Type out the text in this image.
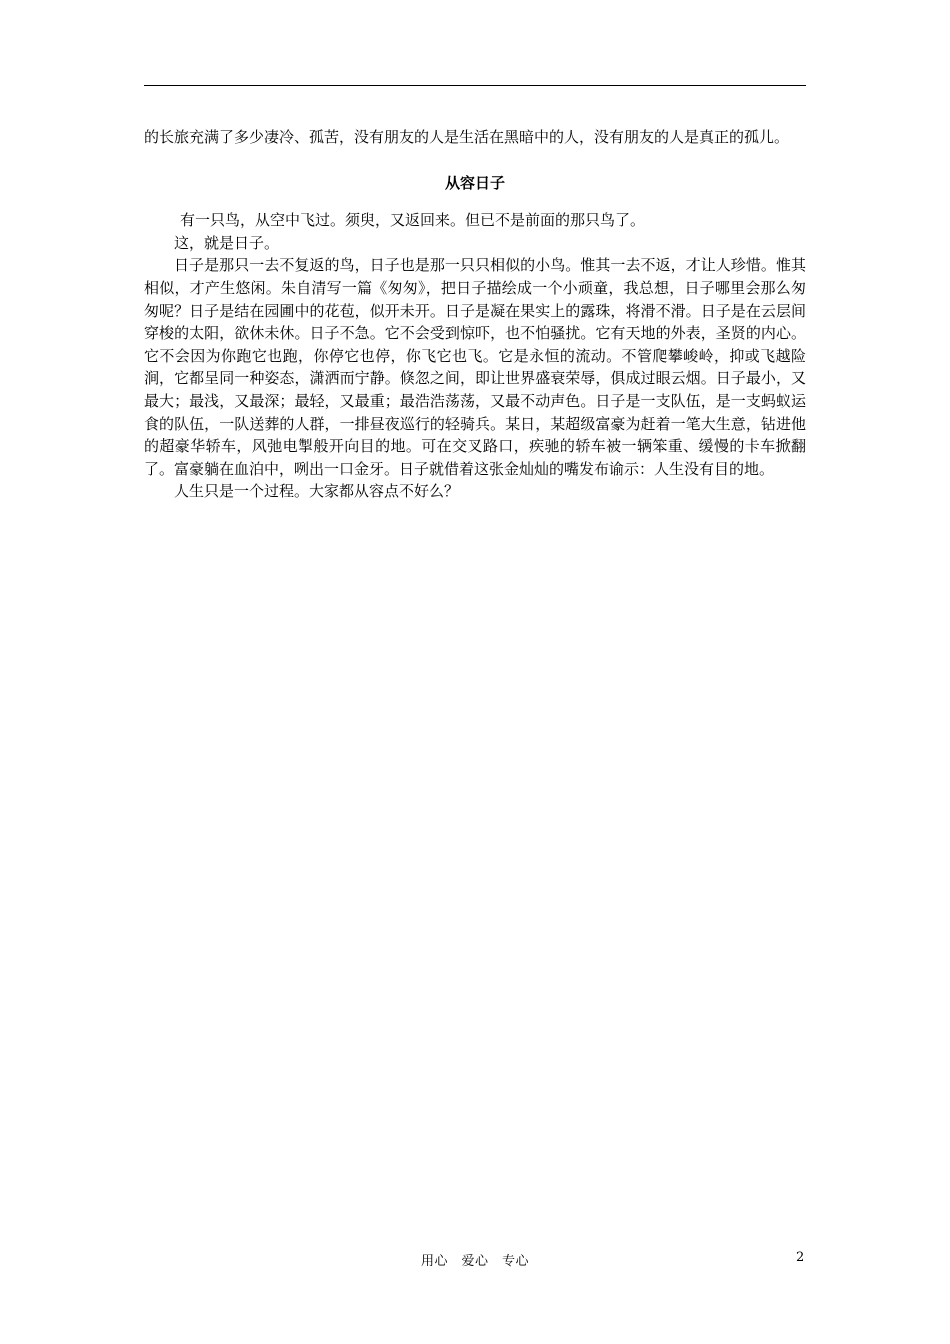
的长旅充满了多少凄冷、孤苦，没有朋友的人是生活在黑暗中的人，没有朋友的人是真正的孤儿。

从容日子

有一只鸟，从空中飞过。须臾，又返回来。但已不是前面的那只鸟了。

这，就是日子。

日子是那只一去不复返的鸟，日子也是那一只只相似的小鸟。惟其一去不返，才让人珍惜。惟其相似，才产生悠闲。朱自清写一篇《匆匆》，把日子描绘成一个小顽童，我总想，日子哪里会那么匆匆呢？日子是结在园圃中的花苞，似开未开。日子是凝在果实上的露珠，将滑不滑。日子是在云层间穿梭的太阳，欲休未休。日子不急。它不会受到惊吓，也不怕骚扰。它有天地的外表，圣贤的内心。它不会因为你跑它也跑，你停它也停，你飞它也飞。它是永恒的流动。不管爬攀峻岭，抑或飞越险涧，它都呈同一种姿态，潇洒而宁静。倏忽之间，即让世界盛衰荣辱，俱成过眼云烟。日子最小，又最大；最浅，又最深；最轻，又最重；最浩浩荡荡，又最不动声色。日子是一支队伍，是一支蚂蚁运食的队伍，一队送葬的人群，一排昼夜巡行的轻骑兵。某日，某超级富豪为赶着一笔大生意，钻进他的超豪华轿车，风弛电掣般开向目的地。可在交叉路口，疾驰的轿车被一辆笨重、缓慢的卡车掀翻了。富豪躺在血泊中，咧出一口金牙。日子就借着这张金灿灿的嘴发布谕示：人生没有目的地。

人生只是一个过程。大家都从容点不好么？

用心　爱心　专心	2
